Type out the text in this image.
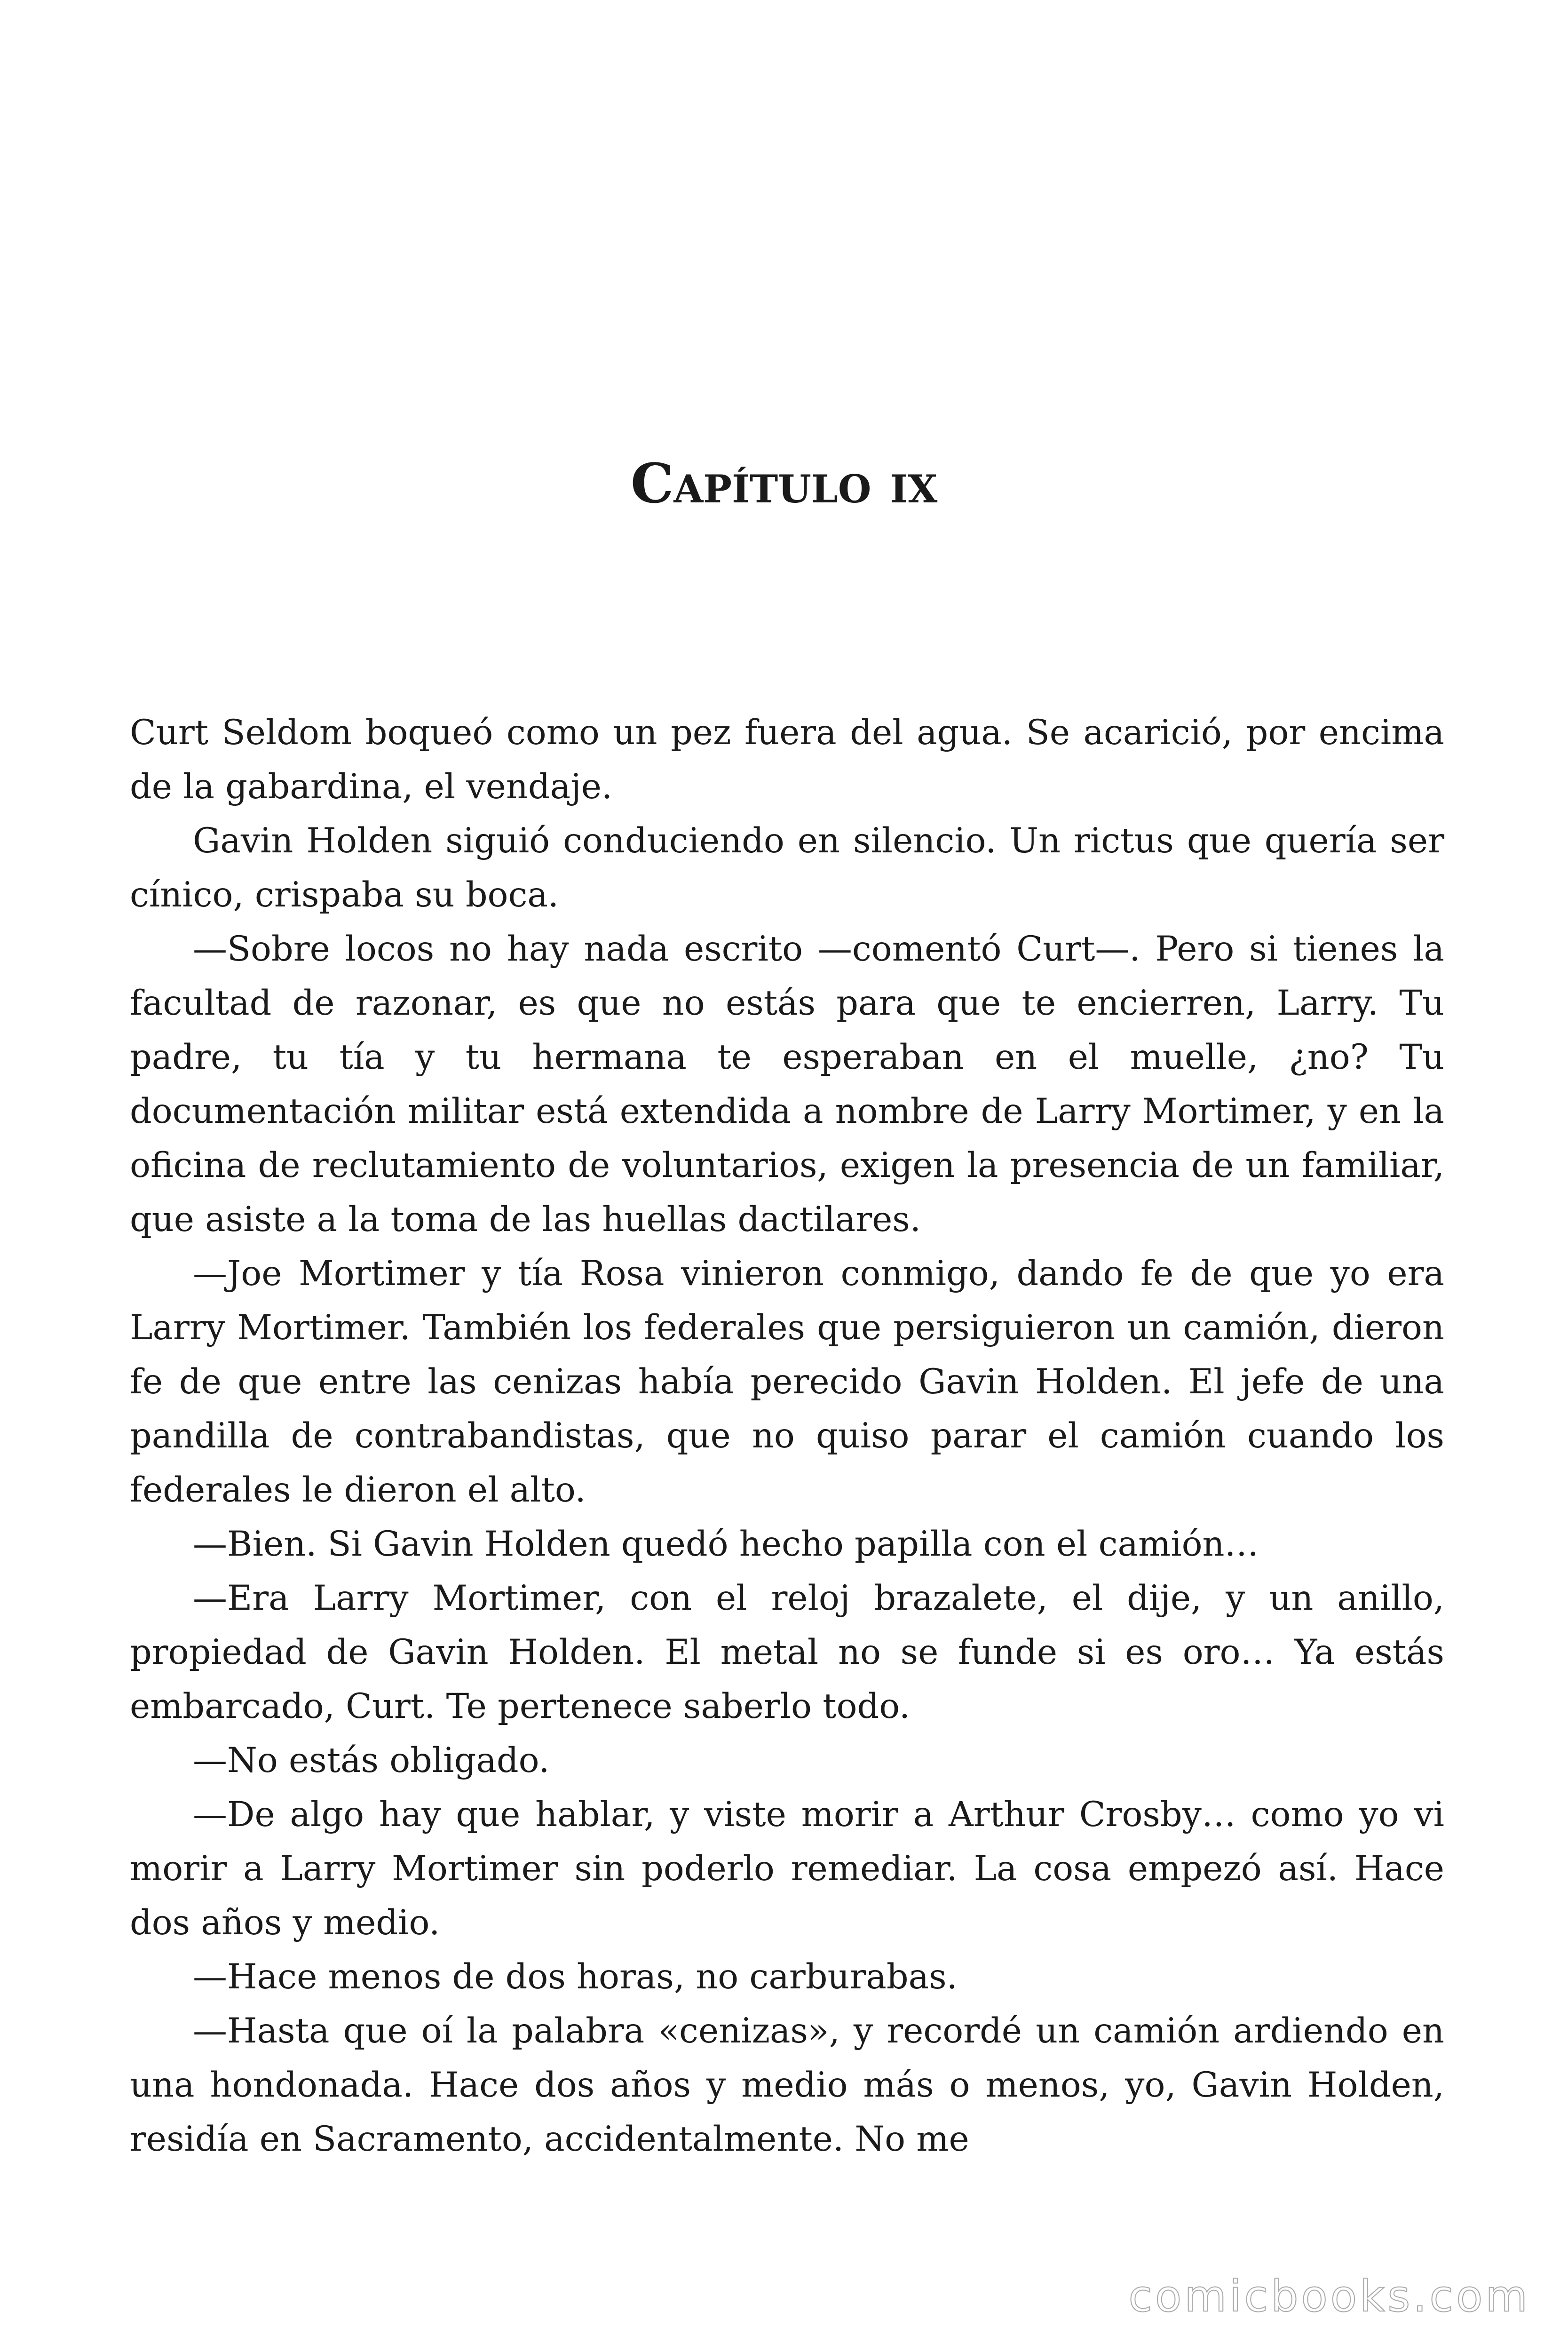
Capítulo ix

Curt Seldom boqueó como un pez fuera del agua. Se acarició, por encima de la gabardina, el vendaje.

Gavin Holden siguió conduciendo en silencio. Un rictus que quería ser cínico, crispaba su boca.

—Sobre locos no hay nada escrito —comentó Curt—. Pero si tienes la facultad de razonar, es que no estás para que te encierren, Larry. Tu padre, tu tía y tu hermana te esperaban en el muelle, ¿no? Tu documentación militar está extendida a nombre de Larry Mortimer, y en la oficina de reclutamiento de voluntarios, exigen la presencia de un familiar, que asiste a la toma de las huellas dactilares.

—Joe Mortimer y tía Rosa vinieron conmigo, dando fe de que yo era Larry Mortimer. También los federales que persiguieron un camión, dieron fe de que entre las cenizas había perecido Gavin Holden. El jefe de una pandilla de contrabandistas, que no quiso parar el camión cuando los federales le dieron el alto.

—Bien. Si Gavin Holden quedó hecho papilla con el camión…

—Era Larry Mortimer, con el reloj brazalete, el dije, y un anillo, propiedad de Gavin Holden. El metal no se funde si es oro… Ya estás embarcado, Curt. Te pertenece saberlo todo.

—No estás obligado.

—De algo hay que hablar, y viste morir a Arthur Crosby… como yo vi morir a Larry Mortimer sin poderlo remediar. La cosa empezó así. Hace dos años y medio.

—Hace menos de dos horas, no carburabas.

—Hasta que oí la palabra «cenizas», y recordé un camión ardiendo en una hondonada. Hace dos años y medio más o menos, yo, Gavin Holden, residía en Sacramento, accidentalmente. No me

comicbooks.com
